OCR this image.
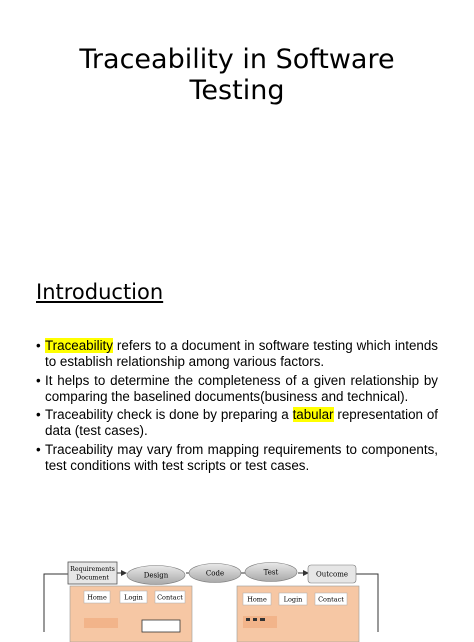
Traceability in Software
Testing
Introduction
• Traceability refers to a document in software testing which intends to establish relationship among various factors.
• It helps to determine the completeness of a given relationship by comparing the baselined documents(business and technical).
• Traceability check is done by preparing a tabular representation of data (test cases).
• Traceability may vary from mapping requirements to components, test conditions with test scripts or test cases.
Requirements
Document	Design	Code	Test	Outcome
Home	Login Contact	Home	Login Contact
